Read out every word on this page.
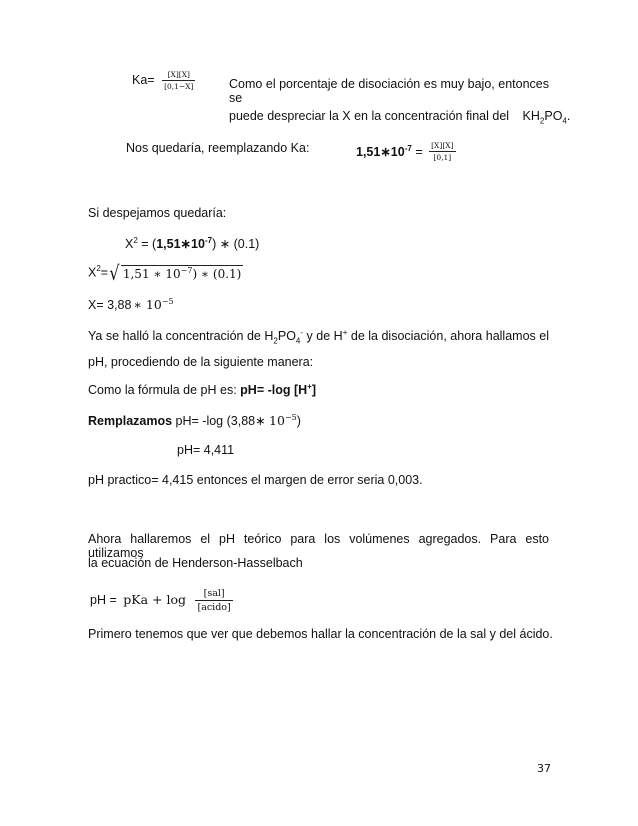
$Ka= \frac{[X][X]}{[0,1-X]}$	Como el porcentaje de disociación es muy bajo, entonces se
puede despreciar la X en la concentración final del $KH_2PO_4$.
Nos quedaría, reemplazando Ka:	$1,51∗10^{-7} = \frac{[X][X]}{[0,1]}$
Si despejamos quedaría:
$X^2$ = $(1,51∗10^{-7})$ ∗ (0.1)
$X^2=√$ 1,51 ∗ $10^{-7}$) ∗ (0.1)
X= 3,88 ∗ $10^{-5}$
Ya se halló la concentración de $H_2PO_4^-$ y de H+ de la disociación, ahora hallamos el
pH, procediendo de la siguiente manera:
Como la fórmula de pH es: pH= -log [H+]
Remplazamos pH= -log (3,88∗ $10^{-5}$)
pH= 4,411
pH practico= 4,415 entonces el margen de error seria 0,003.
Ahora hallaremos el pH teórico para los volúmenes agregados. Para esto utilizamos
la ecuación de Henderson-Hasselbach
pH = pKa + $\log \frac{\text{[sal]}}{\text{[acido]}}$
Primero tenemos que ver que debemos hallar la concentración de la sal y del ácido.
37
